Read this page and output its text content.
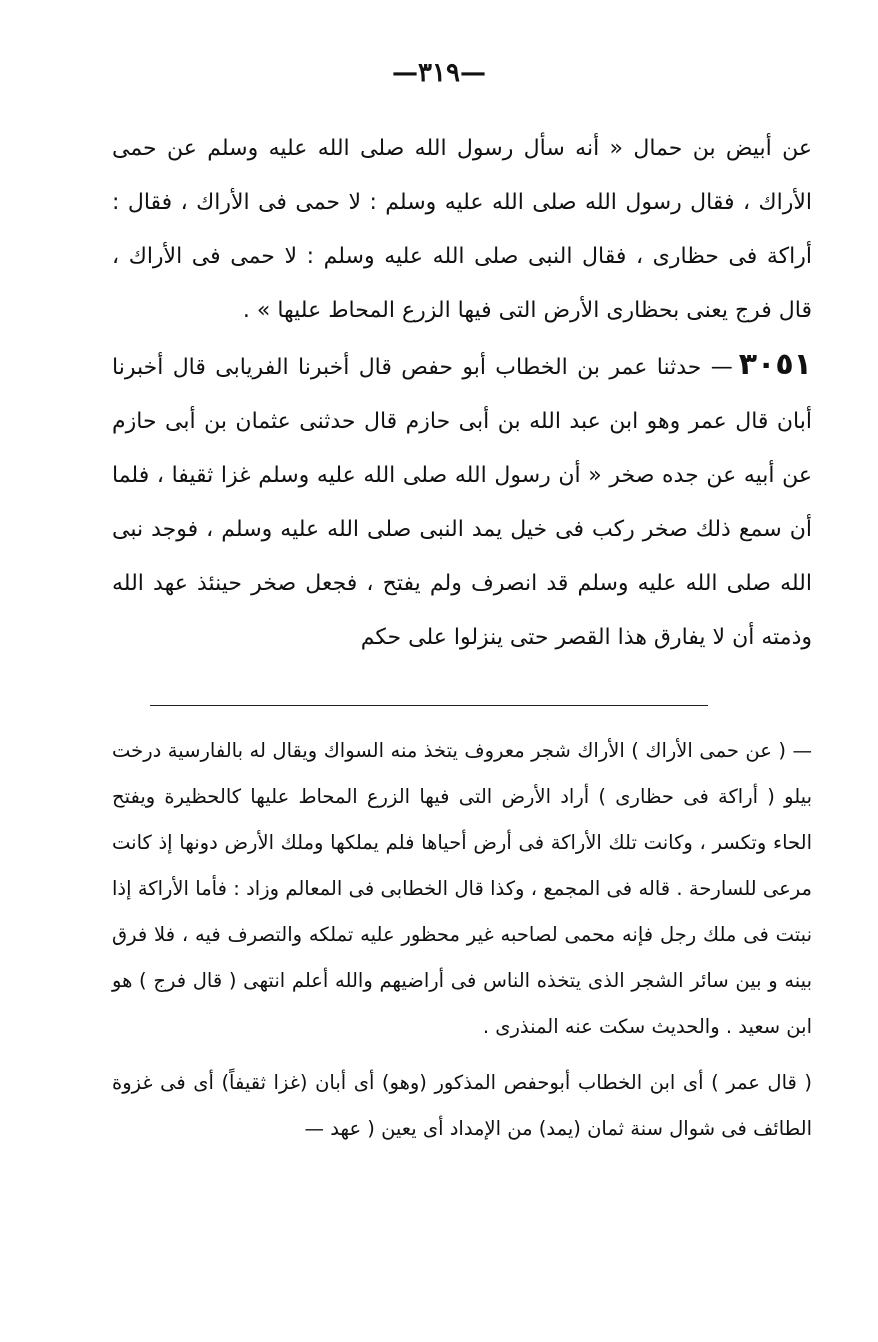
—٣١٩—

عن أبيض بن حمال « أنه سأل رسول الله صلى الله عليه وسلم عن حمى الأراك ، فقال رسول الله صلى الله عليه وسلم : لا حمى فى الأراك ، فقال : أراكة فى حظارى ، فقال النبى صلى الله عليه وسلم : لا حمى فى الأراك ، قال فرج يعنى بحظارى الأرض التى فيها الزرع المحاط عليها » .

٣٠٥١— حدثنا عمر بن الخطاب أبو حفص قال أخبرنا الفريابى قال أخبرنا أبان قال عمر وهو ابن عبد الله بن أبى حازم قال حدثنى عثمان بن أبى حازم عن أبيه عن جده صخر « أن رسول الله صلى الله عليه وسلم غزا ثقيفا ، فلما أن سمع ذلك صخر ركب فى خيل يمد النبى صلى الله عليه وسلم ، فوجد نبى الله صلى الله عليه وسلم قد انصرف ولم يفتح ، فجعل صخر حينئذ عهد الله وذمته أن لا يفارق هذا القصر حتى ينزلوا على حكم

— ( عن حمى الأراك ) الأراك شجر معروف يتخذ منه السواك ويقال له بالفارسية درخت بيلو ( أراكة فى حظارى ) أراد الأرض التى فيها الزرع المحاط عليها كالحظيرة ويفتح الحاء وتكسر ، وكانت تلك الأراكة فى أرض أحياها فلم يملكها وملك الأرض دونها إذ كانت مرعى للسارحة . قاله فى المجمع ، وكذا قال الخطابى فى المعالم وزاد : فأما الأراكة إذا نبتت فى ملك رجل فإنه محمى لصاحبه غير محظور عليه تملكه والتصرف فيه ، فلا فرق بينه و بين سائر الشجر الذى يتخذه الناس فى أراضيهم والله أعلم انتهى ( قال فرج ) هو ابن سعيد . والحديث سكت عنه المنذرى .

( قال عمر ) أى ابن الخطاب أبوحفص المذكور (وهو) أى أبان (غزا ثقيفاً) أى فى غزوة الطائف فى شوال سنة ثمان (يمد) من الإمداد أى يعين ( عهد —
